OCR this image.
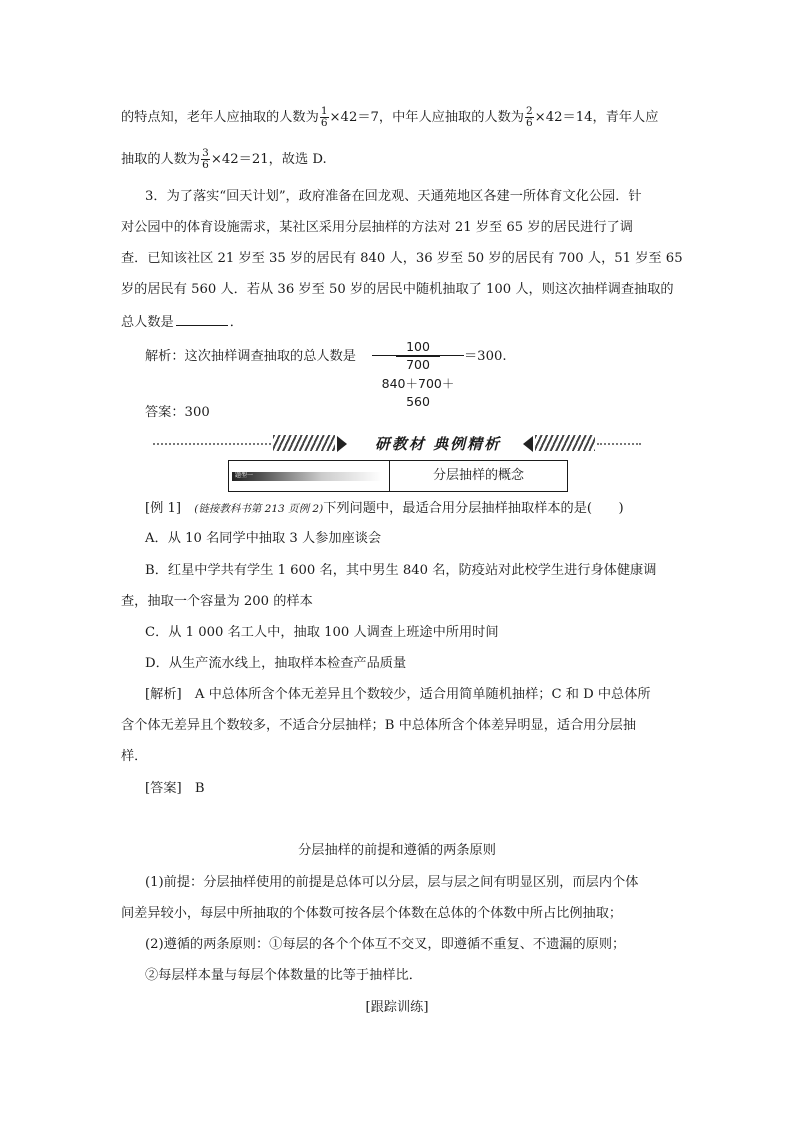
的特点知，老年人应抽取的人数为 $\frac{1}{6} \times 42=7$，中年人应抽取的人数为 $\frac{2}{6} \times 42=14$，青年人应
抽取的人数为 $\frac{3}{6} \times 42=21$，故选 D.
3．为了落实“回天计划”，政府准备在回龙观、天通苑地区各建一所体育文化公园．针
对公园中的体育设施需求，某社区采用分层抽样的方法对 21 岁至 65 岁的居民进行了调
查．已知该社区 21 岁至 35 岁的居民有 840 人，36 岁至 50 岁的居民有 700 人，51 岁至 65
岁的居民有 560 人．若从 36 岁至 50 岁的居民中随机抽取了 100 人，则这次抽样调查抽取的
总人数是	．
解析：这次抽样调查抽取的总人数是
100
700
840＋700＋560
＝300.
答案：300
研教材 典例精析
题型一	分层抽样的概念
[例 1]　 (链接教科书第 213 页例 2)下列问题中，最适合用分层抽样抽取样本的是(　　)
A．从 10 名同学中抽取 3 人参加座谈会
B．红星中学共有学生 1 600 名，其中男生 840 名，防疫站对此校学生进行身体健康调
查，抽取一个容量为 200 的样本
C．从 1 000 名工人中，抽取 100 人调查上班途中所用时间
D．从生产流水线上，抽取样本检查产品质量
[解析]　A 中总体所含个体无差异且个数较少，适合用简单随机抽样；C 和 D 中总体所
含个体无差异且个数较多，不适合分层抽样；B 中总体所含个体差异明显，适合用分层抽
样．
[答案]　B
分层抽样的前提和遵循的两条原则
(1)前提：分层抽样使用的前提是总体可以分层，层与层之间有明显区别，而层内个体
间差异较小，每层中所抽取的个体数可按各层个体数在总体的个体数中所占比例抽取；
(2)遵循的两条原则：①每层的各个个体互不交叉，即遵循不重复、不遗漏的原则；
②每层样本量与每层个体数量的比等于抽样比．
[跟踪训练]
